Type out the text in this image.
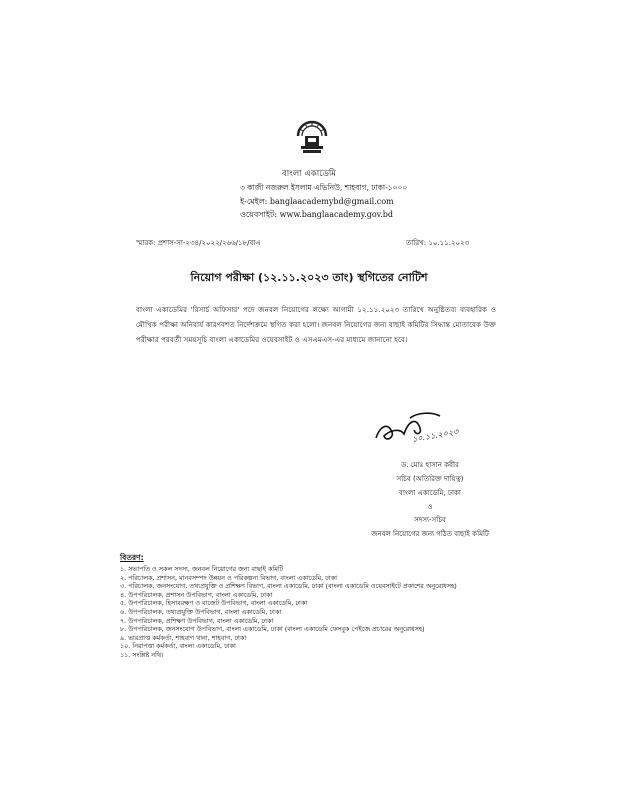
বাংলা একাডেমি
৩ কাজী নজরুল ইসলাম এভিনিউ, শাহবাগ, ঢাকা-১০০০
ই-মেইল: banglaacademybd@gmail.com
ওয়েবসাইট: www.banglaacademy.gov.bd
স্মারক: প্রশাস-সা-২৩৪/২০২২/২৬৬/১৮/বাএ	তারিখ: ১০.১১.২০২৩
নিয়োগ পরীক্ষা (১২.১১.২০২৩ তাং) স্থগিতের নোটিশ
বাংলা একাডেমির 'রিসার্চ অফিসার' পদে জনবল নিয়োগের লক্ষ্যে আগামী ১২.১১.২০২৩ তারিখে অনুষ্ঠিতব্য ব্যবহারিক ও মৌখিক পরীক্ষা অনিবার্য কারণবশত নির্দেশক্রমে স্থগিত করা হলো। জনবল নিয়োগের জন্য বাছাই কমিটির সিদ্ধান্ত মোতাবেক উক্ত পরীক্ষার পরবর্তী সময়সূচি বাংলা একাডেমির ওয়েবসাইট ও এসএমএস-এর মাধ্যমে জানানো হবে।
১০.১১.২০২৩
ড. মোঃ হাসান কবীর
সচিব (অতিরিক্ত দায়িত্ব)
বাংলা একাডেমি, ঢাকা
ও
সদস্য-সচিব
জনবল নিয়োগের জন্য গঠিত বাছাই কমিটি
বিতরণ:
১. সভাপতি ও সকল সদস্য, জনবল নিয়োগের জন্য বাছাই কমিটি
২. পরিচালক, প্রশাসন, মানবসম্পদ উন্নয়ন ও পরিকল্পনা বিভাগ, বাংলা একাডেমি, ঢাকা
৩. পরিচালক, জনসংযোগ, তথ্যপ্রযুক্তি ও প্রশিক্ষণ বিভাগ, বাংলা একাডেমি, ঢাকা (বাংলা একাডেমি ওয়েবসাইটে প্রকাশের অনুরোধসহ)
৪. উপপরিচালক, প্রশাসন উপবিভাগ, বাংলা একাডেমি, ঢাকা
৫. উপপরিচালক, হিসাবরক্ষণ ও বাজেট উপবিভাগ, বাংলা একাডেমি, ঢাকা
৬. উপপরিচালক, তথ্যপ্রযুক্তি উপবিভাগ, বাংলা একাডেমি, ঢাকা
৭. উপপরিচালক, প্রশিক্ষণ উপবিভাগ, বাংলা একাডেমি, ঢাকা
৮. উপপরিচালক, জনসংযোগ উপবিভাগ, বাংলা একাডেমি, ঢাকা (বাংলা একাডেমি ফেসবুক পেইজে প্রচারের অনুরোধসহ)
৯. ভারপ্রাপ্ত কর্মকর্তা, শাহবাগ থানা, শাহবাগ, ঢাকা
১০. নিরাপত্তা কর্মকর্তা, বাংলা একাডেমি, ঢাকা
১১. সংশ্লিষ্ট নথি।
